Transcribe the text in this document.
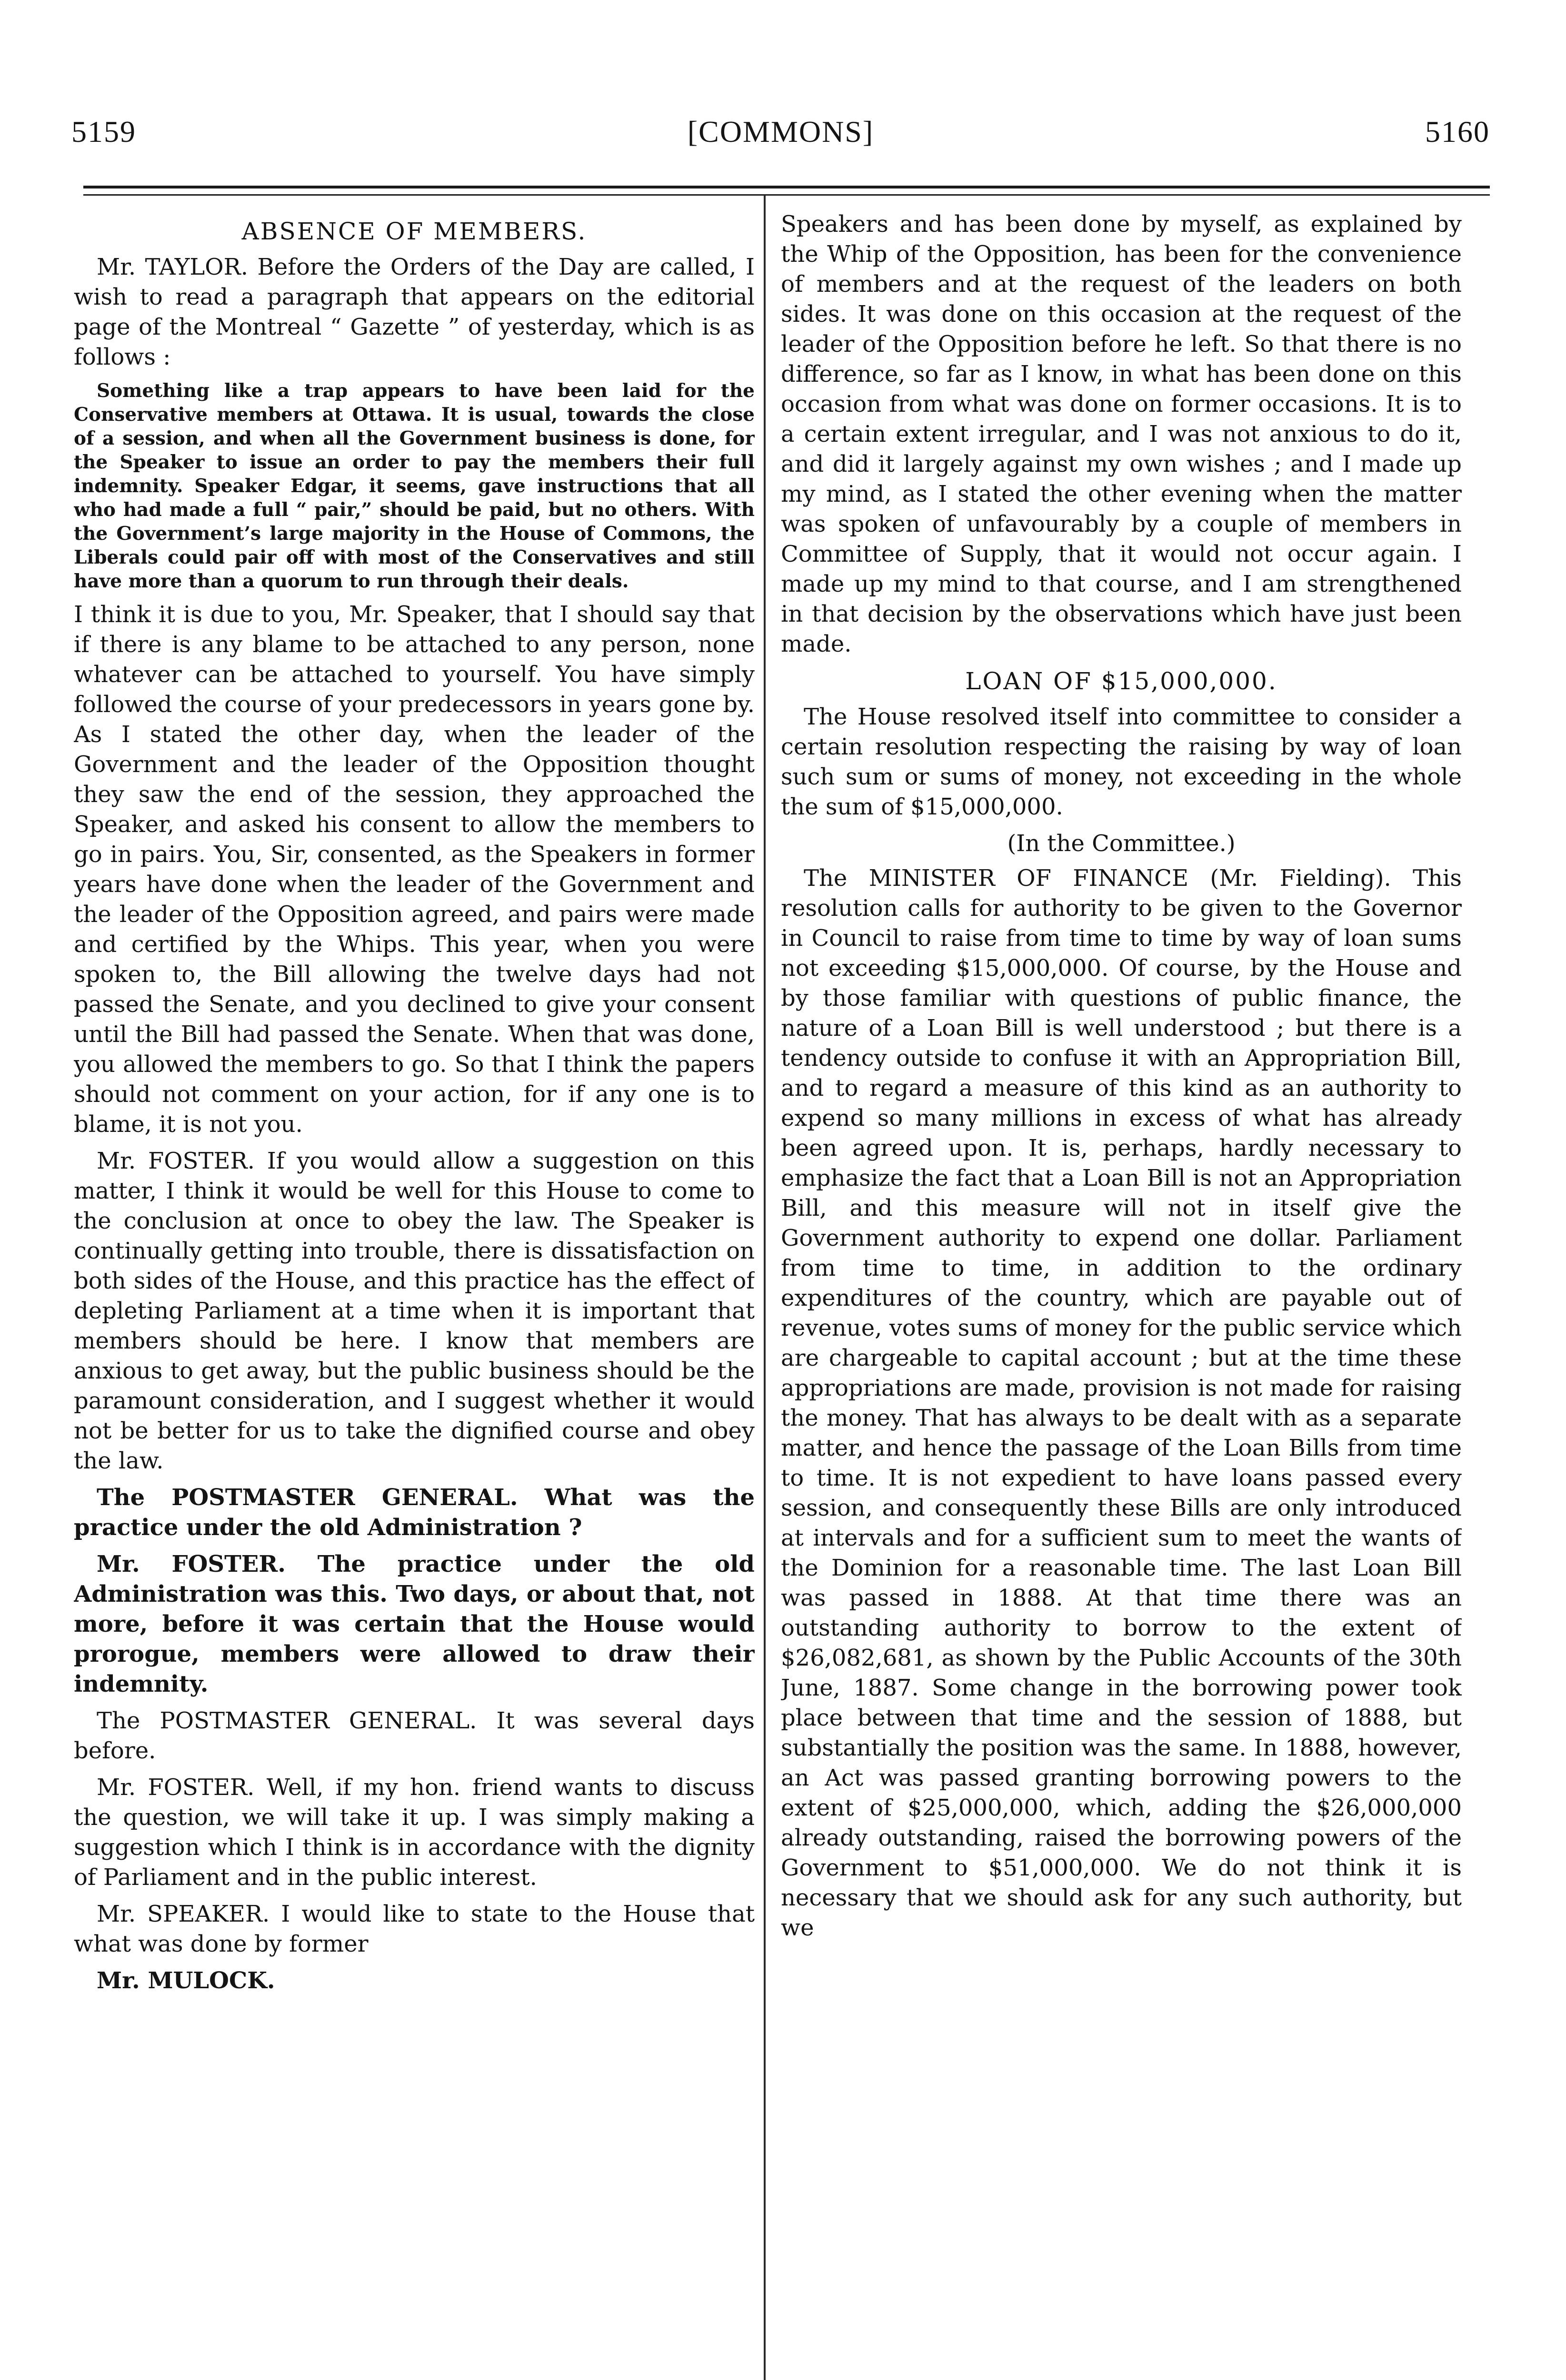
5159	[COMMONS]	5160
ABSENCE OF MEMBERS.

Mr. TAYLOR. Before the Orders of the Day are called, I wish to read a paragraph that appears on the editorial page of the Montreal “ Gazette ” of yesterday, which is as follows :

Something like a trap appears to have been laid for the Conservative members at Ottawa. It is usual, towards the close of a session, and when all the Government business is done, for the Speaker to issue an order to pay the members their full indemnity. Speaker Edgar, it seems, gave instructions that all who had made a full “ pair,” should be paid, but no others. With the Government’s large majority in the House of Commons, the Liberals could pair off with most of the Conservatives and still have more than a quorum to run through their deals.

I think it is due to you, Mr. Speaker, that I should say that if there is any blame to be attached to any person, none whatever can be attached to yourself. You have simply followed the course of your predecessors in years gone by. As I stated the other day, when the leader of the Government and the leader of the Opposition thought they saw the end of the session, they approached the Speaker, and asked his consent to allow the members to go in pairs. You, Sir, consented, as the Speakers in former years have done when the leader of the Government and the leader of the Opposition agreed, and pairs were made and certified by the Whips. This year, when you were spoken to, the Bill allowing the twelve days had not passed the Senate, and you declined to give your consent until the Bill had passed the Senate. When that was done, you allowed the members to go. So that I think the papers should not comment on your action, for if any one is to blame, it is not you.

Mr. FOSTER. If you would allow a suggestion on this matter, I think it would be well for this House to come to the conclusion at once to obey the law. The Speaker is continually getting into trouble, there is dissatisfaction on both sides of the House, and this practice has the effect of depleting Parliament at a time when it is important that members should be here. I know that members are anxious to get away, but the public business should be the paramount consideration, and I suggest whether it would not be better for us to take the dignified course and obey the law.

The POSTMASTER GENERAL. What was the practice under the old Administration ?

Mr. FOSTER. The practice under the old Administration was this. Two days, or about that, not more, before it was certain that the House would prorogue, members were allowed to draw their indemnity.

The POSTMASTER GENERAL. It was several days before.

Mr. FOSTER. Well, if my hon. friend wants to discuss the question, we will take it up. I was simply making a suggestion which I think is in accordance with the dignity of Parliament and in the public interest.

Mr. SPEAKER. I would like to state to the House that what was done by former

Mr. MULOCK.

Speakers and has been done by myself, as explained by the Whip of the Opposition, has been for the convenience of members and at the request of the leaders on both sides. It was done on this occasion at the request of the leader of the Opposition before he left. So that there is no difference, so far as I know, in what has been done on this occasion from what was done on former occasions. It is to a certain extent irregular, and I was not anxious to do it, and did it largely against my own wishes ; and I made up my mind, as I stated the other evening when the matter was spoken of unfavourably by a couple of members in Committee of Supply, that it would not occur again. I made up my mind to that course, and I am strengthened in that decision by the observations which have just been made.

LOAN OF $15,000,000.

The House resolved itself into committee to consider a certain resolution respecting the raising by way of loan such sum or sums of money, not exceeding in the whole the sum of $15,000,000.

(In the Committee.)

The MINISTER OF FINANCE (Mr. Fielding). This resolution calls for authority to be given to the Governor in Council to raise from time to time by way of loan sums not exceeding $15,000,000. Of course, by the House and by those familiar with questions of public finance, the nature of a Loan Bill is well understood ; but there is a tendency outside to confuse it with an Appropriation Bill, and to regard a measure of this kind as an authority to expend so many millions in excess of what has already been agreed upon. It is, perhaps, hardly necessary to emphasize the fact that a Loan Bill is not an Appropriation Bill, and this measure will not in itself give the Government authority to expend one dollar. Parliament from time to time, in addition to the ordinary expenditures of the country, which are payable out of revenue, votes sums of money for the public service which are chargeable to capital account ; but at the time these appropriations are made, provision is not made for raising the money. That has always to be dealt with as a separate matter, and hence the passage of the Loan Bills from time to time. It is not expedient to have loans passed every session, and consequently these Bills are only introduced at intervals and for a sufficient sum to meet the wants of the Dominion for a reasonable time. The last Loan Bill was passed in 1888. At that time there was an outstanding authority to borrow to the extent of $26,082,681, as shown by the Public Accounts of the 30th June, 1887. Some change in the borrowing power took place between that time and the session of 1888, but substantially the position was the same. In 1888, however, an Act was passed granting borrowing powers to the extent of $25,000,000, which, adding the $26,000,000 already outstanding, raised the borrowing powers of the Government to $51,000,000. We do not think it is necessary that we should ask for any such authority, but we
